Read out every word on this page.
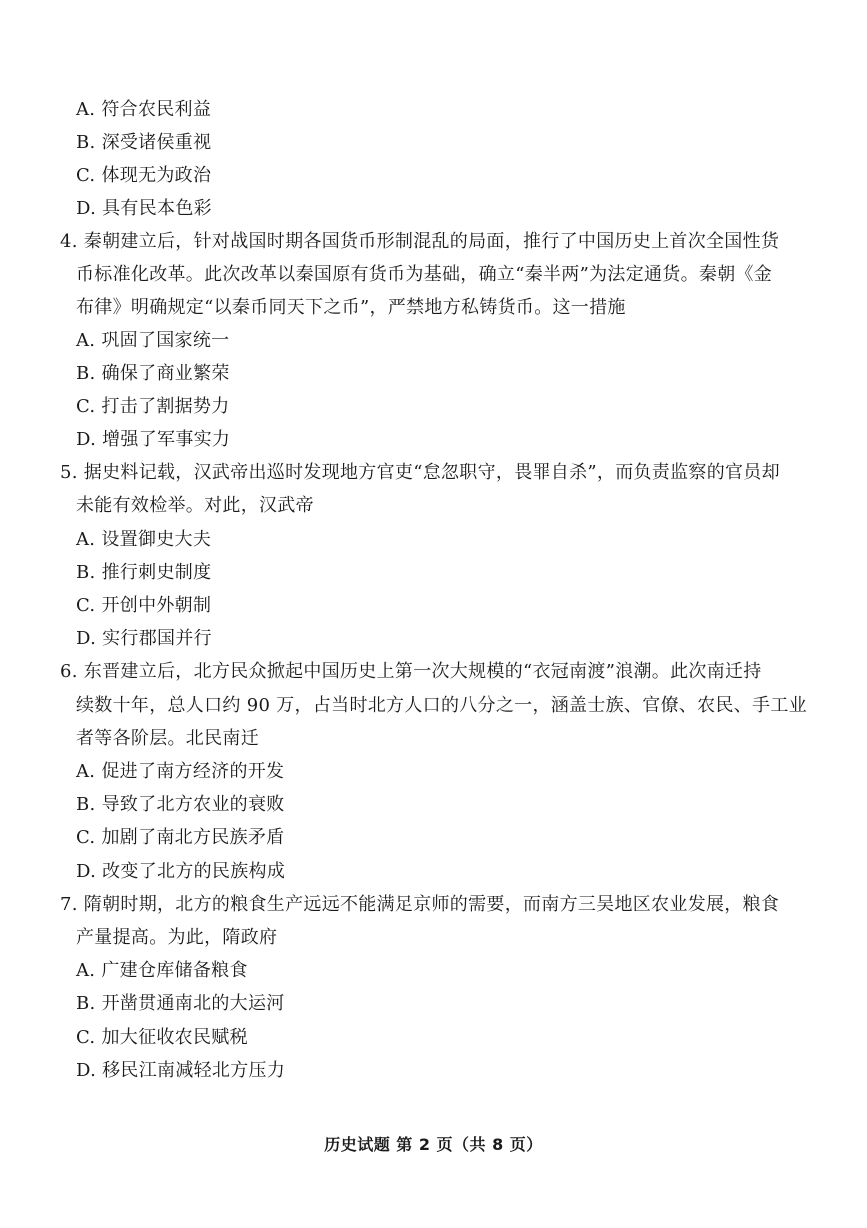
A. 符合农民利益
B. 深受诸侯重视
C. 体现无为政治
D. 具有民本色彩
4. 秦朝建立后，针对战国时期各国货币形制混乱的局面，推行了中国历史上首次全国性货
币标准化改革。此次改革以秦国原有货币为基础，确立“秦半两”为法定通货。秦朝《金
布律》明确规定“以秦币同天下之币”，严禁地方私铸货币。这一措施
A. 巩固了国家统一
B. 确保了商业繁荣
C. 打击了割据势力
D. 增强了军事实力
5. 据史料记载，汉武帝出巡时发现地方官吏“怠忽职守，畏罪自杀”，而负责监察的官员却
未能有效检举。对此，汉武帝
A. 设置御史大夫
B. 推行刺史制度
C. 开创中外朝制
D. 实行郡国并行
6. 东晋建立后，北方民众掀起中国历史上第一次大规模的“衣冠南渡”浪潮。此次南迁持
续数十年，总人口约 90 万，占当时北方人口的八分之一，涵盖士族、官僚、农民、手工业
者等各阶层。北民南迁
A. 促进了南方经济的开发
B. 导致了北方农业的衰败
C. 加剧了南北方民族矛盾
D. 改变了北方的民族构成
7. 隋朝时期，北方的粮食生产远远不能满足京师的需要，而南方三吴地区农业发展，粮食
产量提高。为此，隋政府
A. 广建仓库储备粮食
B. 开凿贯通南北的大运河
C. 加大征收农民赋税
D. 移民江南减轻北方压力
历史试题 第 2 页（共 8 页）
